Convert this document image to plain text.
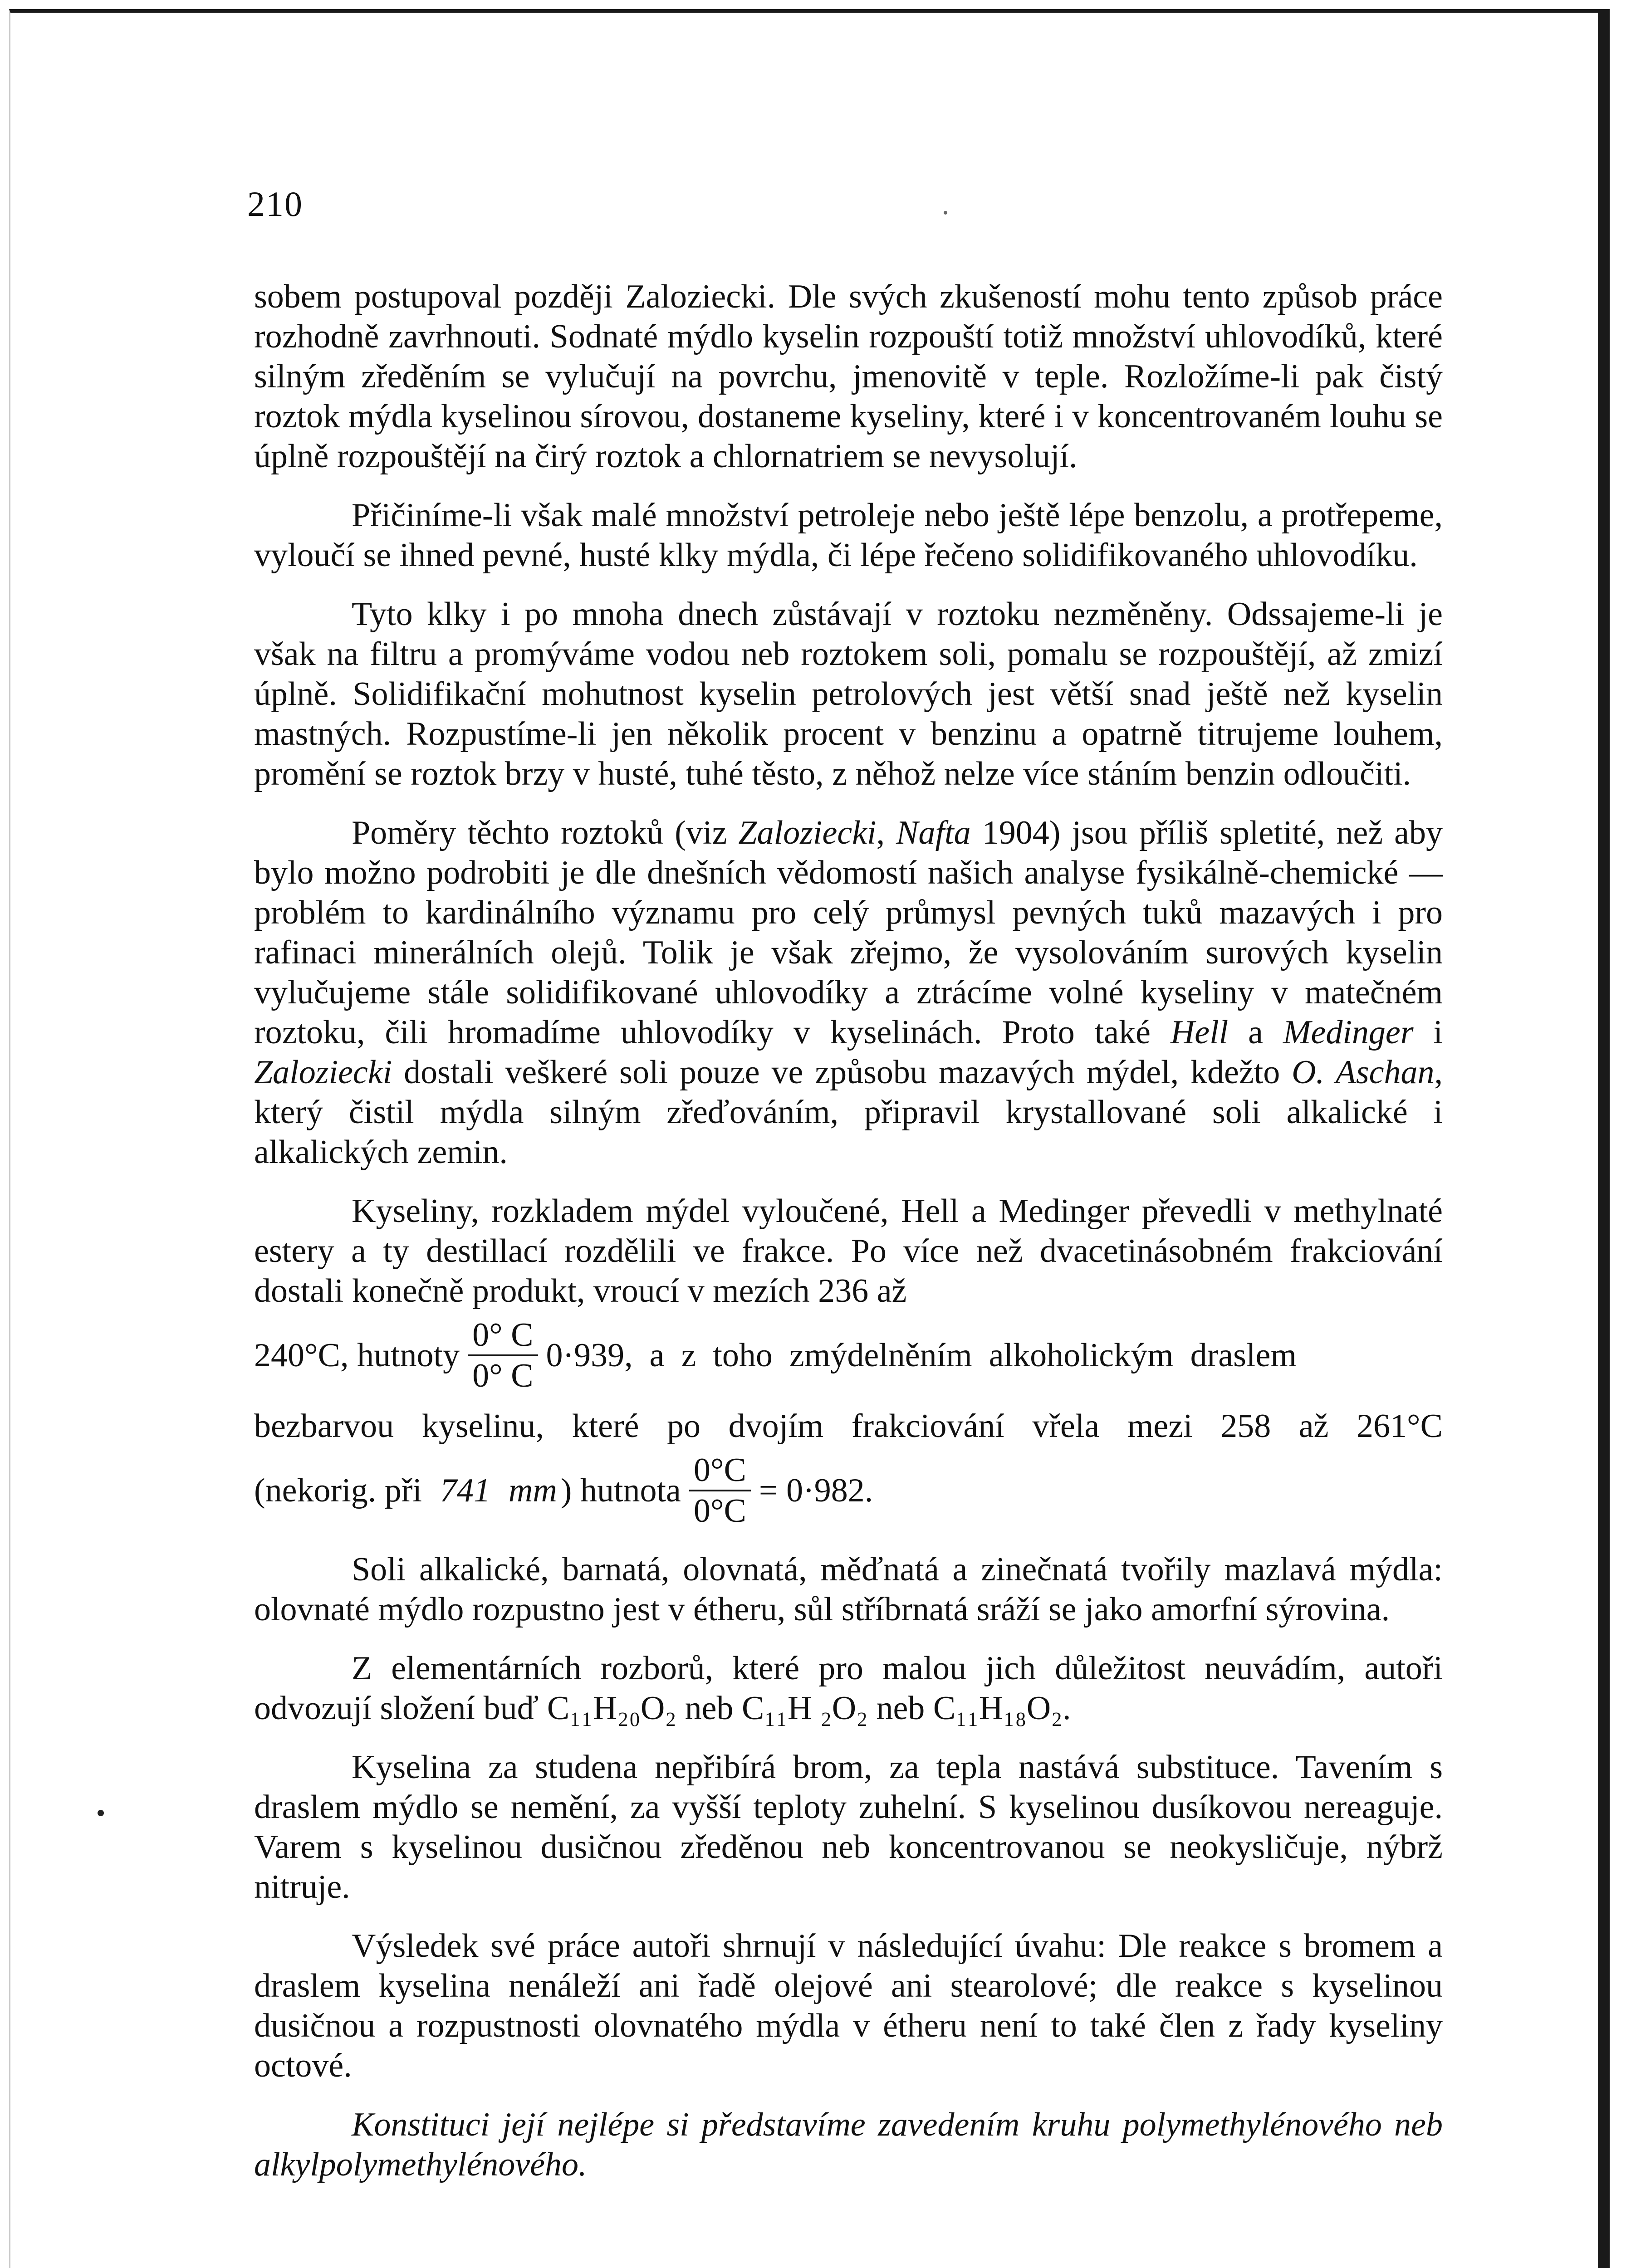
210

sobem postupoval později Zaloziecki. Dle svých zkušeností mohu tento způsob práce rozhodně zavrhnouti. Sodnaté mýdlo kyselin rozpouští totiž množství uhlovodíků, které silným zředěním se vylučují na povrchu, jmenovitě v teple. Rozložíme-li pak čistý roztok mýdla kyselinou sírovou, dostaneme kyseliny, které i v koncentrovaném louhu se úplně rozpouštějí na čirý roztok a chlornatriem se nevysolují.

Přičiníme-li však malé množství petroleje nebo ještě lépe benzolu, a protřepeme, vyloučí se ihned pevné, husté klky mýdla, či lépe řečeno solidifikovaného uhlovodíku.

Tyto klky i po mnoha dnech zůstávají v roztoku nezměněny. Odssajeme-li je však na filtru a promýváme vodou neb roztokem soli, pomalu se rozpouštějí, až zmizí úplně. Solidifikační mohutnost kyselin petrolových jest větší snad ještě než kyselin mastných. Rozpustíme-li jen několik procent v benzinu a opatrně titrujeme louhem, promění se roztok brzy v husté, tuhé těsto, z něhož nelze více stáním benzin odloučiti.

Poměry těchto roztoků (viz Zaloziecki, Nafta 1904) jsou příliš spletité, než aby bylo možno podrobiti je dle dnešních vědomostí našich analyse fysikálně-chemické — problém to kardinálního významu pro celý průmysl pevných tuků mazavých i pro rafinaci minerálních olejů. Tolik je však zřejmo, že vysolováním surových kyselin vylučujeme stále solidifikované uhlovodíky a ztrácíme volné kyseliny v matečném roztoku, čili hromadíme uhlovodíky v kyselinách. Proto také Hell a Medinger i Zaloziecki dostali veškeré soli pouze ve způsobu mazavých mýdel, kdežto O. Aschan, který čistil mýdla silným zřeďováním, připravil krystallované soli alkalické i alkalických zemin.

Kyseliny, rozkladem mýdel vyloučené, Hell a Medinger převedli v methylnaté estery a ty destillací rozdělili ve frakce. Po více než dvacetinásobném frakciování dostali konečně produkt, vroucí v mezích 236 až
240°C, hutnoty $\frac{0^\circ C}{0^\circ C} 0\cdot 939$,  a  z  toho  zmýdelněním  alkoholickým  draslem
bezbarvou kyselinu, které po dvojím frakciování vřela mezi 258 až 261°C
(nekorig. při 741 mm ) hutnota $\frac{0^\circ C}{0^\circ C} = 0\cdot 982$.

Soli alkalické, barnatá, olovnatá, měďnatá a zinečnatá tvořily mazlavá mýdla: olovnaté mýdlo rozpustno jest v étheru, sůl stříbrnatá sráží se jako amorfní sýrovina.

Z elementárních rozborů, které pro malou jich důležitost neuvádím, autoři odvozují složení buď C₁₁H₂₀O₂ neb C₁₁H ₂O₂ neb C₁₁H₁₈O₂.

Kyselina za studena nepřibírá brom, za tepla nastává substituce. Tavením s draslem mýdlo se nemění, za vyšší teploty zuhelní. S kyselinou dusíkovou nereaguje. Varem s kyselinou dusičnou zředěnou neb koncentrovanou se neokysličuje, nýbrž nitruje.

Výsledek své práce autoři shrnují v následující úvahu: Dle reakce s bromem a draslem kyselina nenáleží ani řadě olejové ani stearolové; dle reakce s kyselinou dusičnou a rozpustnosti olovnatého mýdla v étheru není to také člen z řady kyseliny octové.

Konstituci její nejlépe si představíme zavedením kruhu polymethylénového neb alkylpolymethylénového.
